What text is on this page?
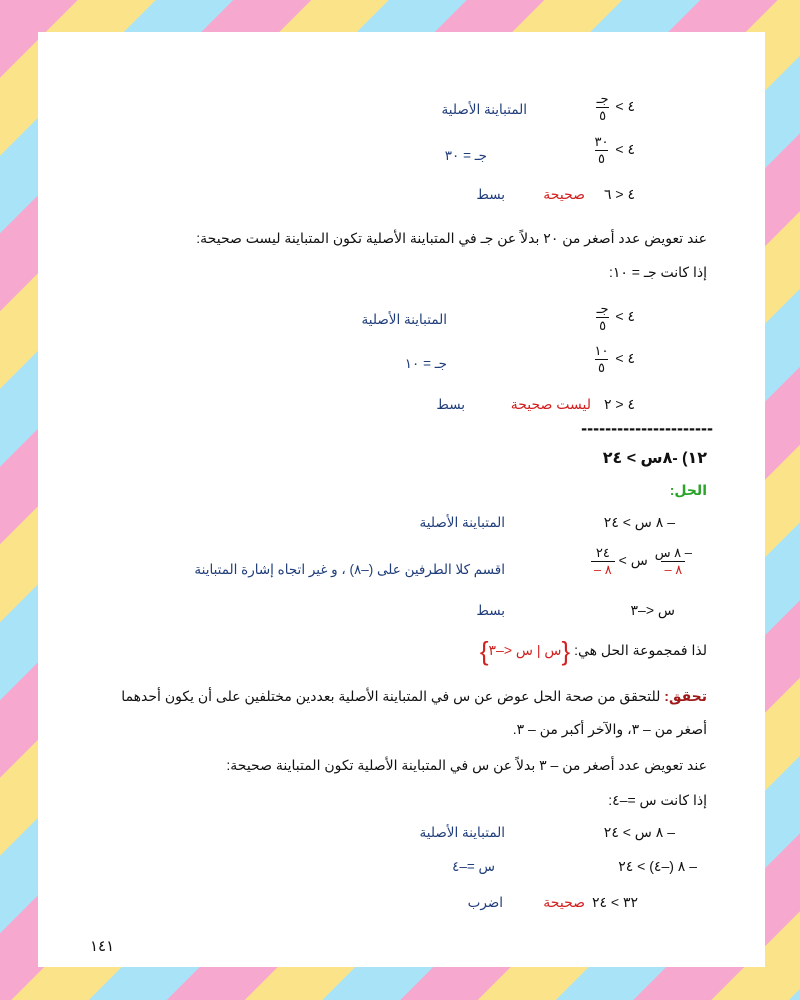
٤ >
$\frac{\text{جـ}}{٥}$
المتباينة الأصلية
٤ >
$\frac{٣٠}{٥}$
جـ = ٣٠
٤ < ٦
صحيحة
بسط
عند تعويض عدد أصغر من ٢٠ بدلاً عن جـ في المتباينة الأصلية تكون المتباينة ليست صحيحة:
إذا كانت جـ = ١٠:
٤ >
$\frac{\text{جـ}}{٥}$
المتباينة الأصلية
٤ >
$\frac{١٠}{٥}$
جـ = ١٠
٤ < ٢
ليست صحيحة
بسط
----------------------
١٢) -٨س > ٢٤
الحل:
– ٨ س > ٢٤
المتباينة الأصلية
$\frac{\text{– ٨ س}}{٨ -}$
س >
$\frac{٢٤}{٨ -}$
اقسم كلا الطرفين على (–٨) ، و غير اتجاه إشارة المتباينة
س <–٣
بسط
لذا فمجموعة الحل هي: {س | س <–٣}
تحقق: للتحقق من صحة الحل عوض عن س في المتباينة الأصلية بعددين مختلفين على أن يكون أحدهما
أصغر من – ٣، والآخر أكبر من – ٣.
عند تعويض عدد أصغر من – ٣ بدلاً عن س في المتباينة الأصلية تكون المتباينة صحيحة:
إذا كانت س =–٤:
– ٨ س > ٢٤
المتباينة الأصلية
– ٨ (–٤) > ٢٤
س =–٤
٣٢ > ٢٤
صحيحة
اضرب
١٤١
